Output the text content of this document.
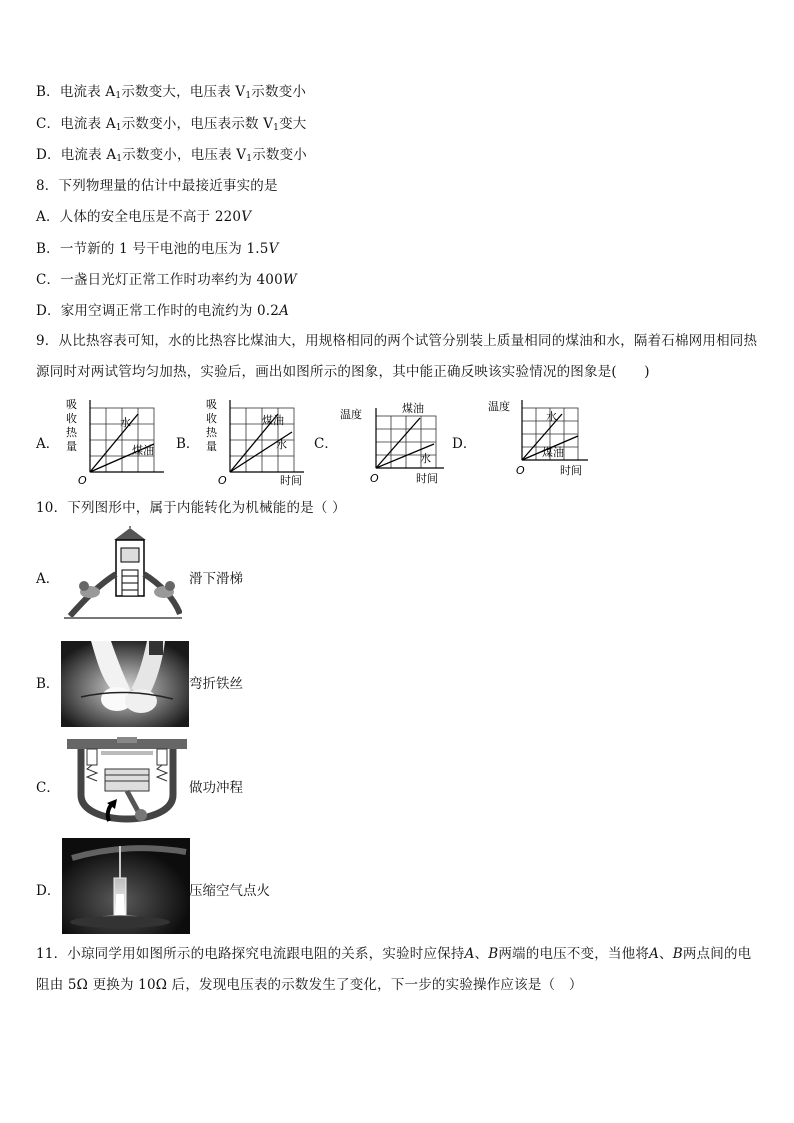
B．电流表 $A_1$示数变大，电压表 $V_1$示数变小
C．电流表 $A_1$示数变小，电压表示数 $V_1$变大
D．电流表 $A_1$示数变小，电压表 $V_1$示数变小
8．下列物理量的估计中最接近事实的是
A．人体的安全电压是不高于 220V
B．一节新的 1 号干电池的电压为 1.5V
C．一盏日光灯正常工作时功率约为 400W
D．家用空调正常工作时的电流约为 0.2A
9．从比热容表可知，水的比热容比煤油大，用规格相同的两个试管分别装上质量相同的煤油和水，隔着石棉网用相同热源同时对两试管均匀加热，实验后，画出如图所示的图象，其中能正确反映该实验情况的图象是(　　)
A．
吸
收
热
量
水
煤油
O
B．
吸
收
热
量
煤油
水
O	时间
C．
温度	煤油
水
O	时间
D．
温度
水
煤油
O	时间
10．下列图形中，属于内能转化为机械能的是（ ）
A．	滑下滑梯
B．	弯折铁丝
C．	做功冲程
D．	压缩空气点火
11．小琼同学用如图所示的电路探究电流跟电阻的关系，实验时应保持A、B两端的电压不变，当他将A、B两点间的电阻由 5Ω 更换为 10Ω 后，发现电压表的示数发生了变化，下一步的实验操作应该是（　）
